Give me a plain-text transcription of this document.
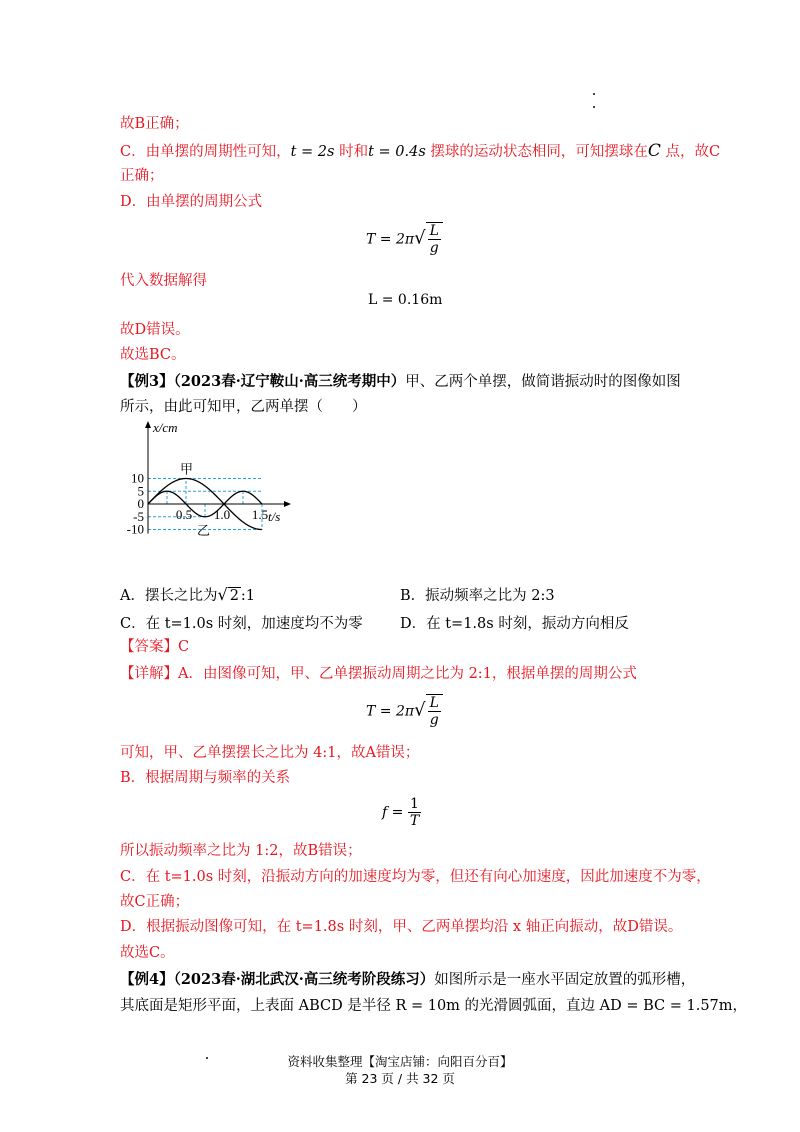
故B正确；
C．由单摆的周期性可知，t = 2s 时和t = 0.4s 摆球的运动状态相同，可知摆球在C 点，故C
正确；
D．由单摆的周期公式
$T = 2\pi√ \frac{L}{g}$
代入数据解得
L = 0.16m
故D错误。
故选BC。
【例3】（2023春·辽宁鞍山·高三统考期中）甲、乙两个单摆，做简谐振动时的图像如图
所示，由此可知甲，乙两单摆（　　）
10
5
0
-5
-10
0.5 1.0 1.5
x/cm
t/s
甲
乙
A．摆长之比为√ 2 :1	B．振动频率之比为 2:3
C．在 t=1.0s 时刻，加速度均不为零	D．在 t=1.8s 时刻，振动方向相反
【答案】C
【详解】A．由图像可知，甲、乙单摆振动周期之比为 2:1，根据单摆的周期公式
$T = 2\pi√ \frac{L}{g}$
可知，甲、乙单摆摆长之比为 4:1，故A错误；
B．根据周期与频率的关系
$f = \frac{1}{T}$
所以振动频率之比为 1:2，故B错误；
C．在 t=1.0s 时刻，沿振动方向的加速度均为零，但还有向心加速度，因此加速度不为零，
故C正确；
D．根据振动图像可知，在 t=1.8s 时刻，甲、乙两单摆均沿 x 轴正向振动，故D错误。
故选C。
【例4】（2023春·湖北武汉·高三统考阶段练习）如图所示是一座水平固定放置的弧形槽，
其底面是矩形平面，上表面 ABCD 是半径 R = 10m 的光滑圆弧面，直边 AD = BC = 1.57m，
资料收集整理【淘宝店铺：向阳百分百】
第 23 页 / 共 32 页
